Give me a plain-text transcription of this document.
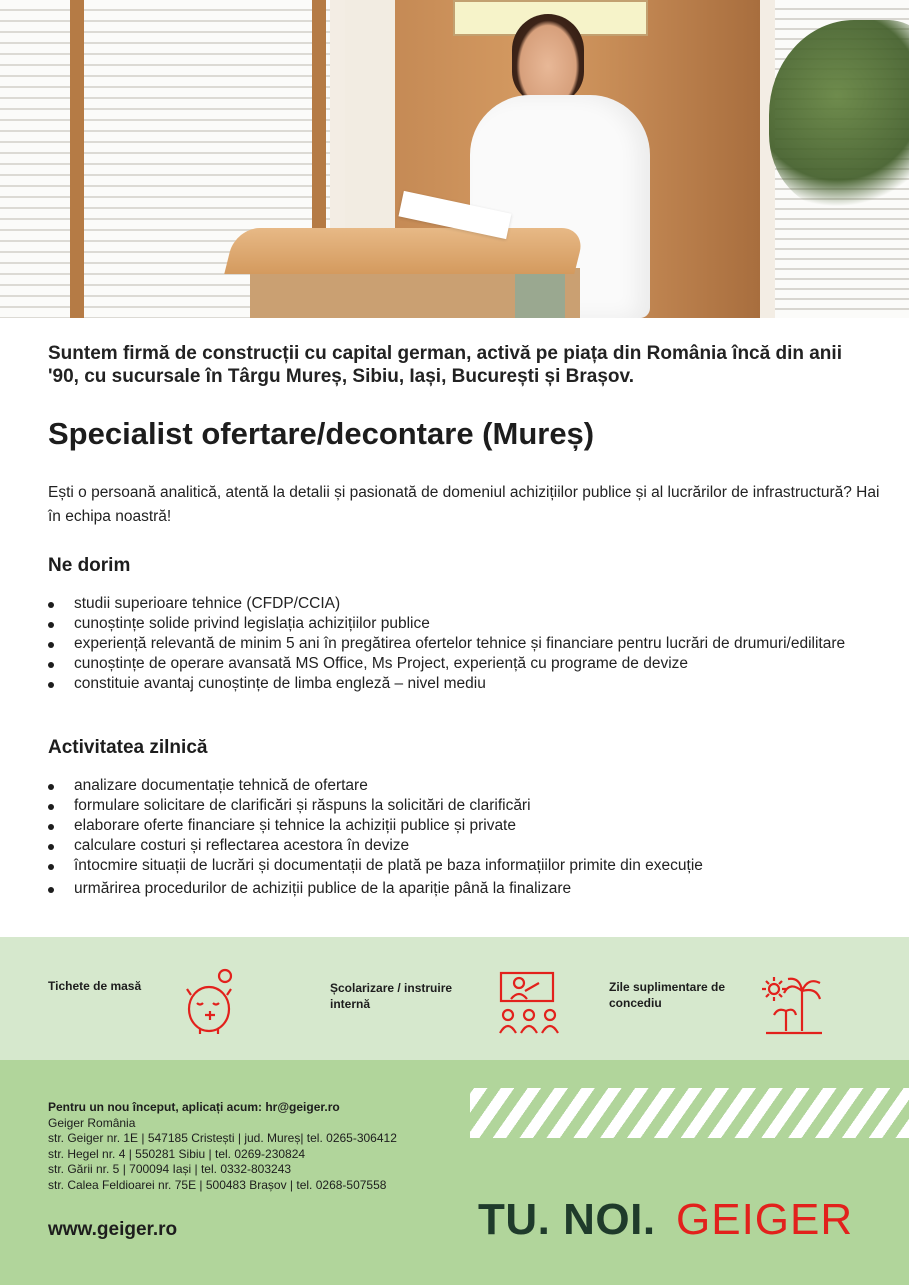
Suntem firmă de construcții cu capital german, activă pe piața din România încă din anii '90, cu sucursale în Târgu Mureș, Sibiu, Iași, București și Brașov.

Specialist ofertare/decontare (Mureș)

Ești o persoană analitică, atentă la detalii și pasionată de domeniul achizițiilor publice și al lucrărilor de infrastructură? Hai în echipa noastră!

Ne dorim
studii superioare tehnice (CFDP/CCIA)
cunoștințe solide privind legislația achizițiilor publice
experiență relevantă de minim 5 ani în pregătirea ofertelor tehnice și financiare pentru lucrări de drumuri/edilitare
cunoștințe de operare avansată MS Office, Ms Project, experiență cu programe de devize
constituie avantaj cunoștințe de limba engleză – nivel mediu
Activitatea zilnică
analizare documentație tehnică de ofertare
formulare solicitare de clarificări și răspuns la solicitări de clarificări
elaborare oferte financiare și tehnice la achiziții publice și private
calculare costuri și reflectarea acestora în devize
întocmire situații de lucrări și documentații de plată pe baza informațiilor primite din execuție
urmărirea procedurilor de achiziții publice de la apariție până la finalizare
Tichete de masă	Școlarizare / instruire internă
Zile suplimentare de concediu
Pentru un nou început, aplicați acum: hr@geiger.ro
Geiger România
str. Geiger nr. 1E | 547185 Cristești | jud. Mureș| tel. 0265-306412
str. Hegel nr. 4 | 550281 Sibiu | tel. 0269-230824
str. Gării nr. 5 | 700094 Iași | tel. 0332-803243
str. Calea Feldioarei nr. 75E | 500483 Brașov | tel. 0268-507558
www.geiger.ro	TU. NOI. GEIGER
